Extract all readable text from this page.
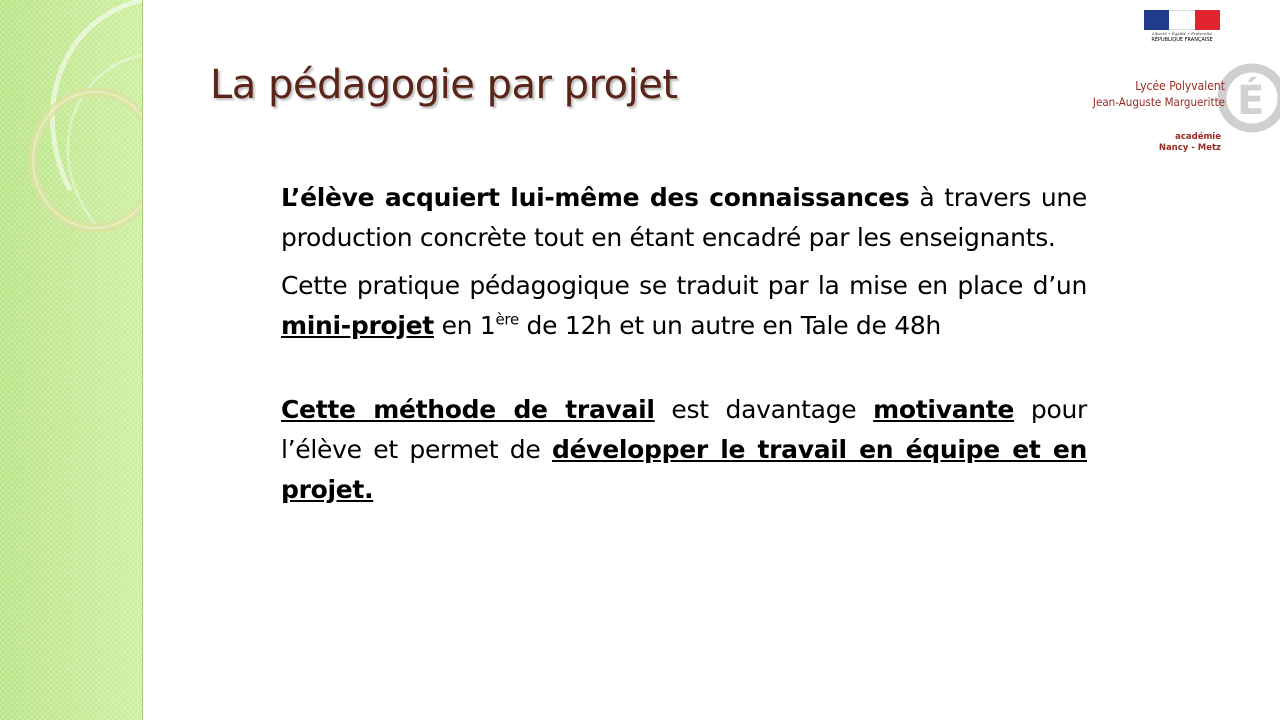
La pédagogie par projet
Liberté • Égalité • Fraternité
RÉPUBLIQUE FRANÇAISE
É
Lycée Polyvalent
Jean-Auguste Margueritte
académie
Nancy - Metz

L’élève acquiert lui-même des connaissances à travers une production concrète tout en étant encadré par les enseignants.

Cette pratique pédagogique se traduit par la mise en place d’un mini-projet en 1ère de 12h et un autre en Tale de 48h

Cette méthode de travail est davantage motivante pour l’élève et permet de développer le travail en équipe et en projet.
